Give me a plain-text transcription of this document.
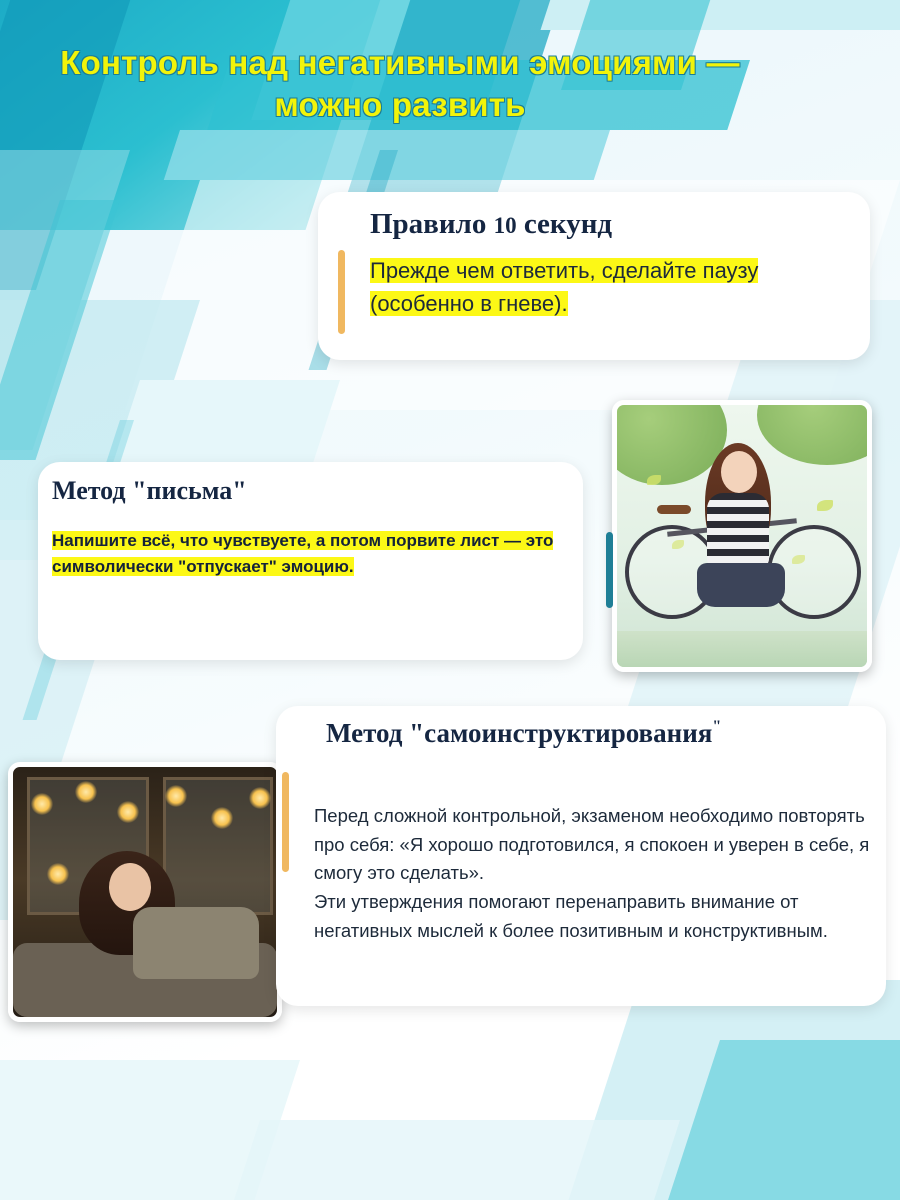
Контроль над негативными эмоциями — можно развить
Правило 10 секунд
Прежде чем ответить, сделайте паузу (особенно в гневе).
Метод "письма"
Напишите всё, что чувствуете, а потом порвите лист — это символически "отпускает" эмоцию.
Метод "самоинструктирования"
Перед сложной контрольной, экзаменом необходимо повторять про себя: «Я хорошо подготовился, я спокоен и уверен в себе, я смогу это сделать».
Эти утверждения помогают перенаправить внимание от негативных мыслей к более позитивным и конструктивным.
